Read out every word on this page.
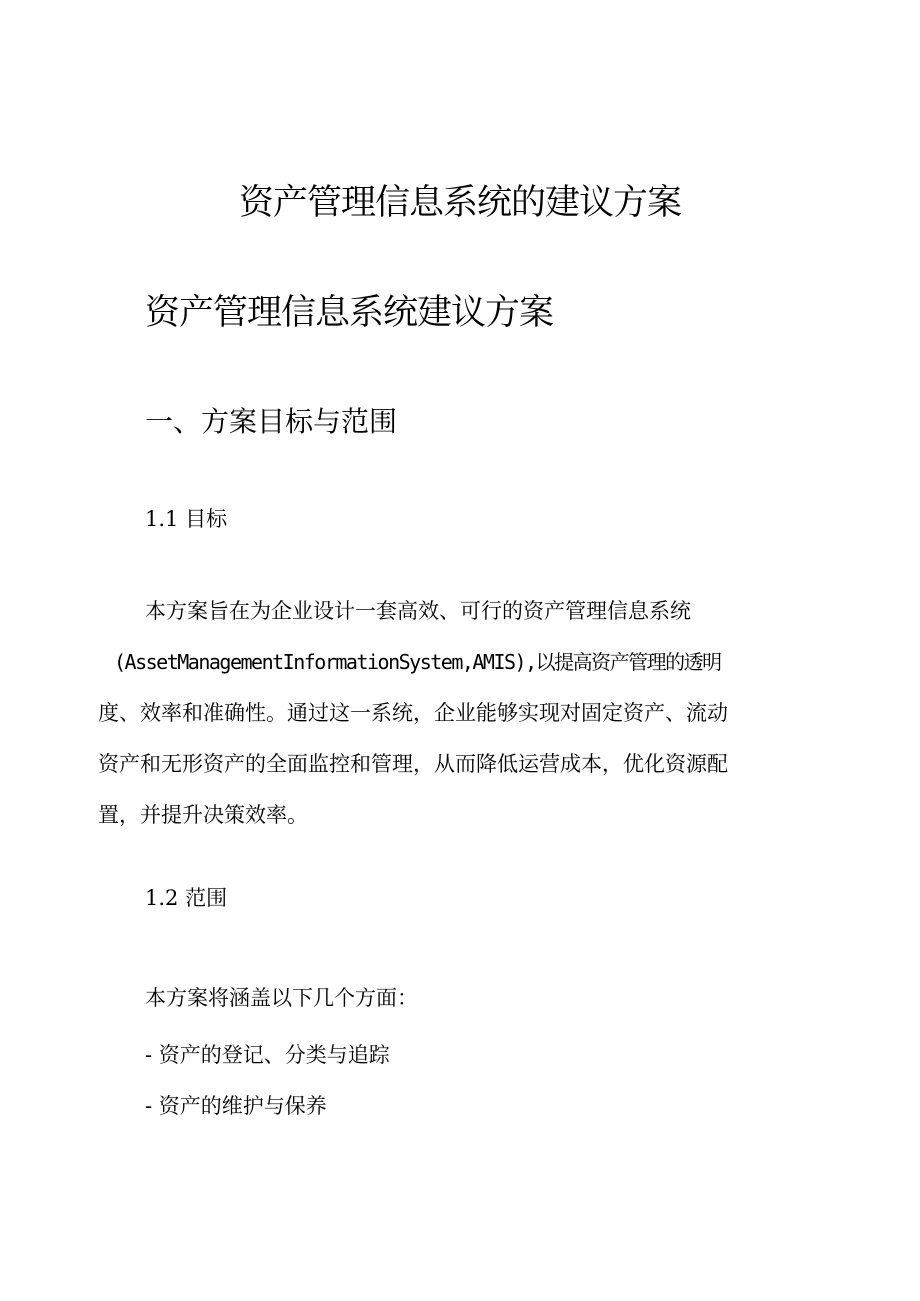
资产管理信息系统的建议方案
资产管理信息系统建议方案
一、方案目标与范围
1.1 目标

本方案旨在为企业设计一套高效、可行的资产管理信息系统
(AssetManagementInformationSystem,AMIS),以提高资产管理的透明
度、效率和准确性。通过这一系统，企业能够实现对固定资产、流动
资产和无形资产的全面监控和管理，从而降低运营成本，优化资源配
置，并提升决策效率。

1.2 范围

本方案将涵盖以下几个方面：

- 资产的登记、分类与追踪
- 资产的维护与保养
